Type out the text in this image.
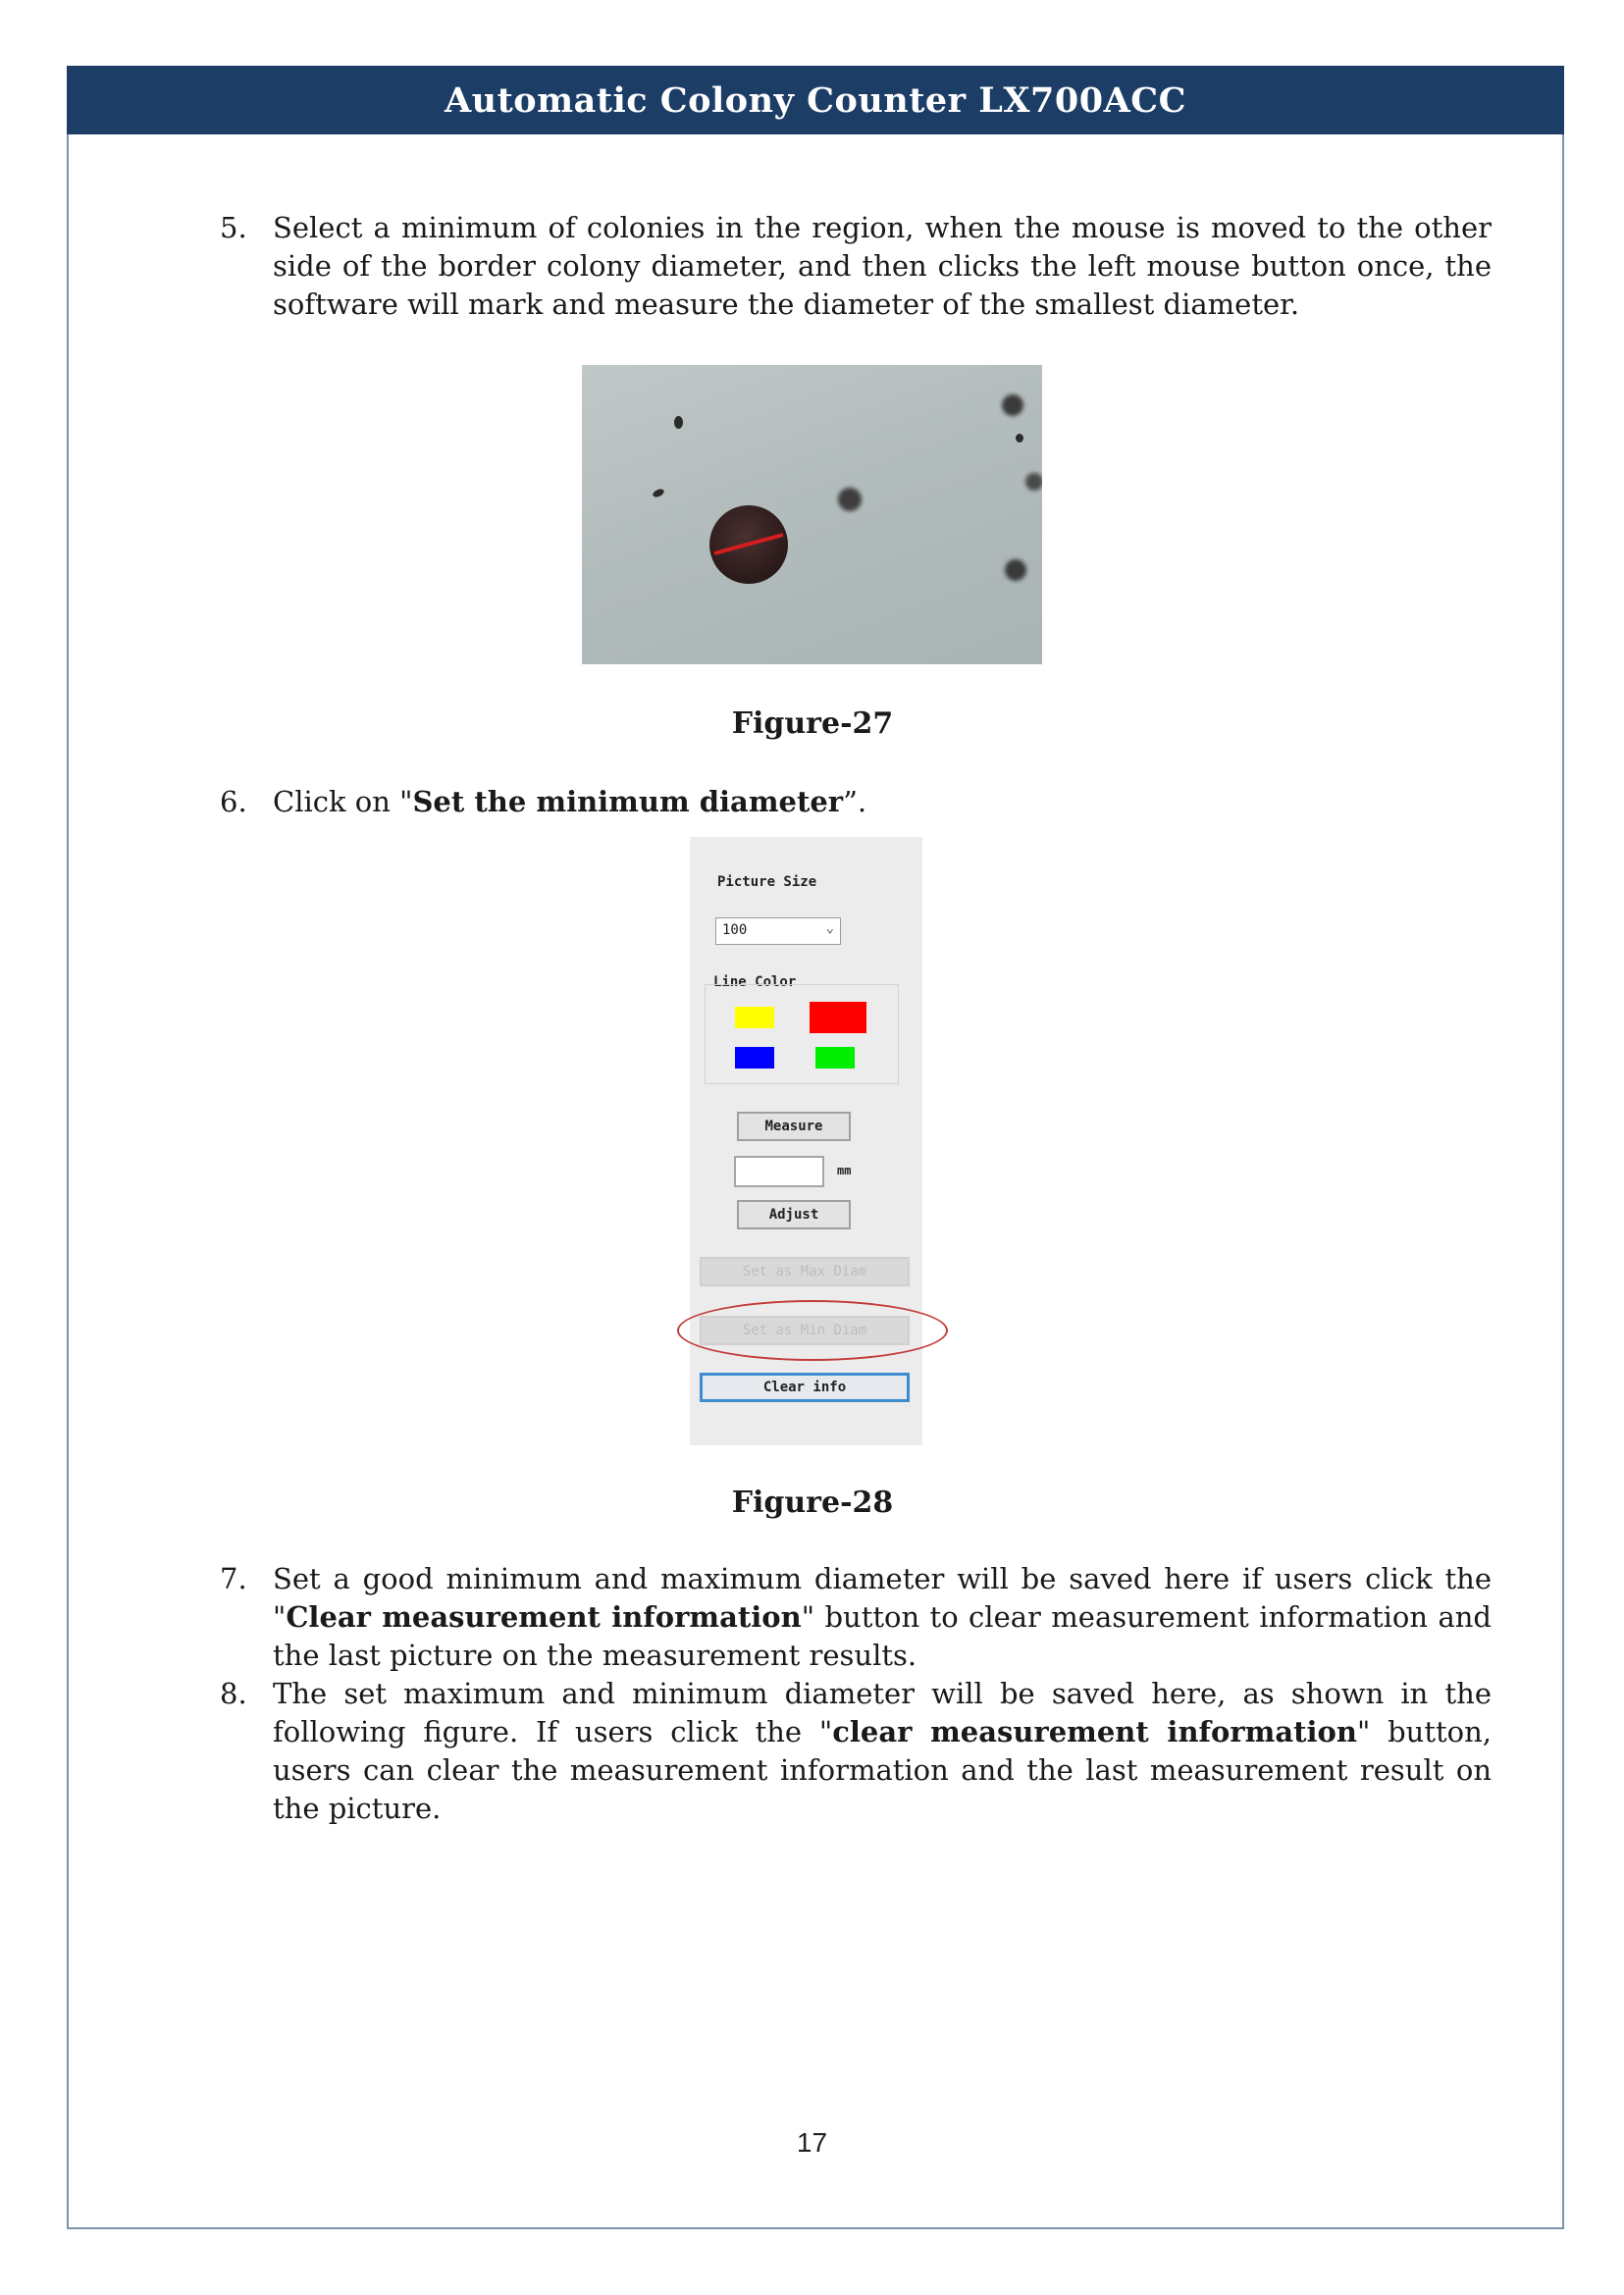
Automatic Colony Counter LX700ACC
5. Select a minimum of colonies in the region, when the mouse is moved to the other side of the border colony diameter, and then clicks the left mouse button once, the software will mark and measure the diameter of the smallest diameter.
Figure-27
6. Click on "Set the minimum diameter”.
Picture Size
100	⌄
Line Color
Measure
mm
Adjust
Set as Max Diam
Set as Min Diam
Clear info
Figure-28
7. Set a good minimum and maximum diameter will be saved here if users click the "Clear measurement information" button to clear measurement information and the last picture on the measurement results.
8. The set maximum and minimum diameter will be saved here, as shown in the following figure. If users click the "clear measurement information" button, users can clear the measurement information and the last measurement result on the picture.
17
